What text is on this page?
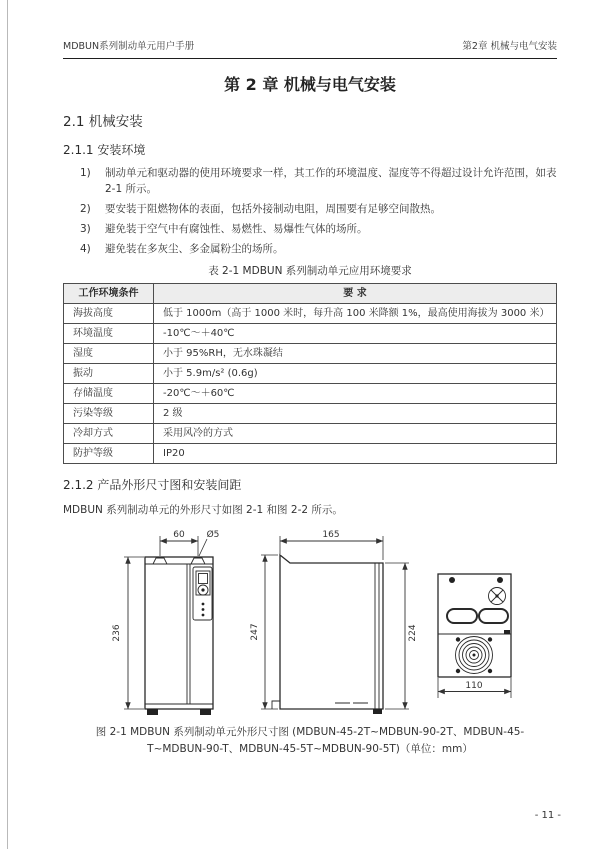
MDBUN系列制动单元用户手册	第2章 机械与电气安装
第 2 章 机械与电气安装
2.1 机械安装
2.1.1 安装环境
1)	制动单元和驱动器的使用环境要求一样，其工作的环境温度、湿度等不得超过设计允许范围，如表 2-1 所示。
2)	要安装于阻燃物体的表面，包括外接制动电阻，周围要有足够空间散热。
3)	避免装于空气中有腐蚀性、易燃性、易爆性气体的场所。
4)	避免装在多灰尘、多金属粉尘的场所。
表 2-1 MDBUN 系列制动单元应用环境要求
工作环境条件	要 求
海拔高度	低于 1000m（高于 1000 米时，每升高 100 米降额 1%，最高使用海拔为 3000 米）
环境温度	-10℃～＋40℃
湿度	小于 95%RH，无水珠凝结
振动	小于 5.9m/s² (0.6g)
存储温度	-20℃～＋60℃
污染等级	2 级
冷却方式	采用风冷的方式
防护等级	IP20
2.1.2 产品外形尺寸图和安装间距
MDBUN 系列制动单元的外形尺寸如图 2-1 和图 2-2 所示。
60 Ø5
236
165
247	224
110
图 2-1 MDBUN 系列制动单元外形尺寸图 (MDBUN-45-2T~MDBUN-90-2T、MDBUN-45-
T~MDBUN-90-T、MDBUN-45-5T~MDBUN-90-5T)（单位：mm）
- 11 -
